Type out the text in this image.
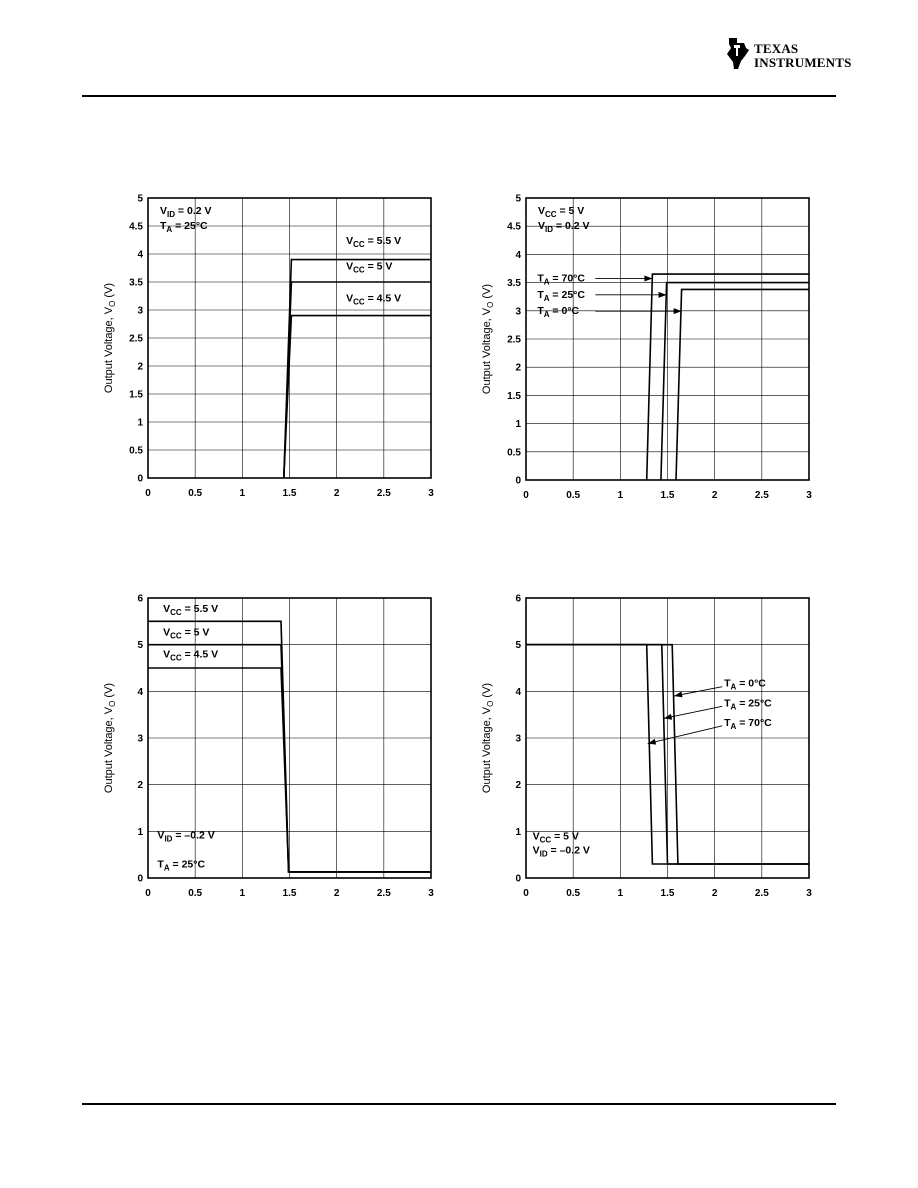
TEXAS
INSTRUMENTS
0	0.5	1	1.5	2	2.5	3
0
0.5
1
1.5
2
2.5
3
3.5
4
4.5
5
Output Voltage, $V_O$ (V)
$V_{ID} = 0.2$ V
$T_A = 25^\circ C$
$V_{CC} = 5.5$ V
$V_{CC} = 5$ V
$V_{CC} = 4.5$ V
0	0.5	1	1.5	2	2.5	3
0
0.5
1
1.5
2
2.5
3
3.5
4
4.5
5
Output Voltage, $V_O$ (V)
$V_{CC} = 5$ V
$V_{ID} = 0.2$ V
$T_A = 70^\circ C$
$T_A = 25^\circ C$
$T_A = 0^\circ C$
0	0.5	1	1.5	2	2.5	3
0
1
2
3
4
5
6
Output Voltage, $V_O$ (V)
$V_{ID} = -0.2$ V
$T_A = 25^\circ C$
$V_{CC} = 5.5$ V
$V_{CC} = 5$ V
$V_{CC} = 4.5$ V
0	0.5	1	1.5	2	2.5	3
0
1
2
3
4
5
6
Output Voltage, $V_O$ (V)
$V_{CC} = 5$ V
$V_{ID} = -0.2$ V
$T_A = 0^\circ C$
$T_A = 25^\circ C$
$T_A = 70^\circ C$
